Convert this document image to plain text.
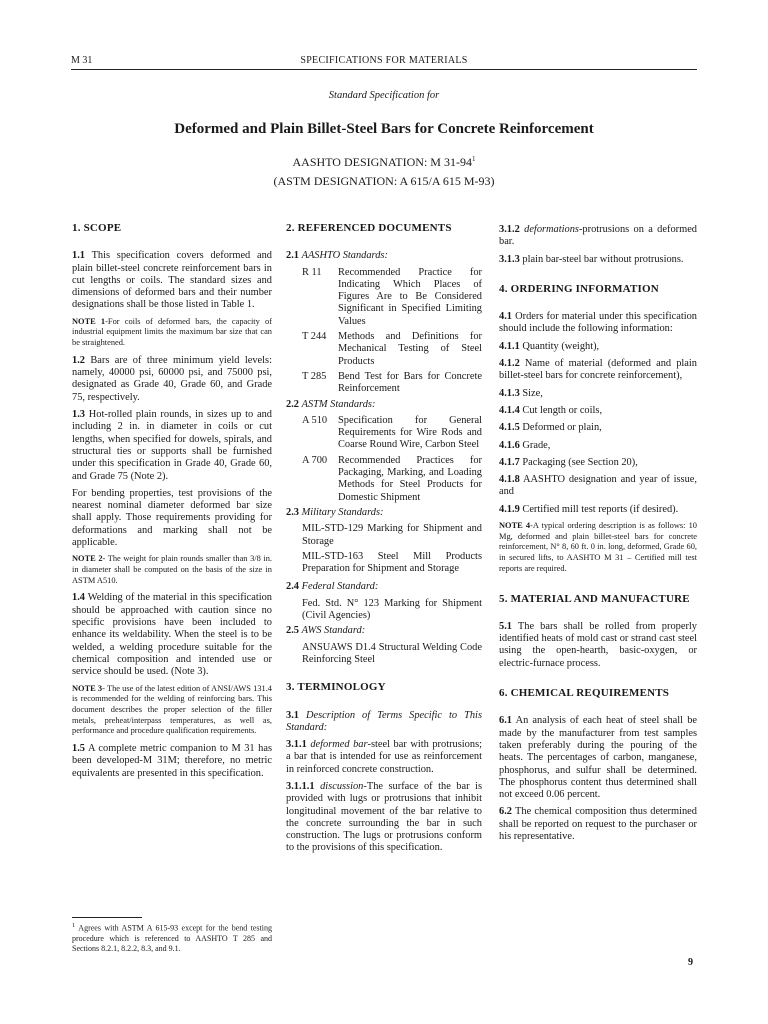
M 31	SPECIFICATIONS FOR MATERIALS
Standard Specification for
Deformed and Plain Billet-Steel Bars for Concrete Reinforcement
AASHTO DESIGNATION: M $31-94^1$
(ASTM DESIGNATION: A 615/A 615 M-93)
1. SCOPE

1.1 This specification covers deformed and plain billet-steel concrete reinforcement bars in cut lengths or coils. The standard sizes and dimensions of deformed bars and their number designations shall be those listed in Table 1.

NOTE 1-For coils of deformed bars, the capacity of industrial equipment limits the maximum bar size that can be straightened.

1.2 Bars are of three minimum yield levels: namely, 40000 psi, 60000 psi, and 75000 psi, designated as Grade 40, Grade 60, and Grade 75, respectively.

1.3 Hot-rolled plain rounds, in sizes up to and including 2 in. in diameter in coils or cut lengths, when specified for dowels, spirals, and structural ties or supports shall be furnished under this specification in Grade 40, Grade 60, and Grade 75 (Note 2).

For bending properties, test provisions of the nearest nominal diameter deformed bar size shall apply. Those requirements providing for deformations and marking shall not be applicable.

NOTE 2- The weight for plain rounds smaller than 3/8 in. in diameter shall be computed on the basis of the size in ASTM A510.

1.4 Welding of the material in this specification should be approached with caution since no specific provisions have been included to enhance its weldability. When the steel is to be welded, a welding procedure suitable for the chemical composition and intended use or service should be used. (Note 3).

NOTE 3- The use of the latest edition of ANSI/AWS 131.4 is recommended for the welding of reinforcing bars. This document describes the proper selection of the filler metals, preheat/interpass temperatures, as well as, performance and procedure qualification requirements.

1.5 A complete metric companion to M 31 has been developed-M 31M; therefore, no metric equivalents are presented in this specification.

$^1$ Agrees with ASTM A 615-93 except for the bend testing procedure which is referenced to AASHTO T 285 and Sections 8.2.1, 8.2.2, 8.3, and 9.1.
2. REFERENCED DOCUMENTS

2.1 AASHTO Standards:

R 11	Recommended Practice for Indicating Which Places of Figures Are to Be Considered Significant in Specified Limiting Values
T 244	Methods and Definitions for Mechanical Testing of Steel Products
T 285	Bend Test for Bars for Concrete Reinforcement

2.2 ASTM Standards:

A 510	Specification for General Requirements for Wire Rods and Coarse Round Wire, Carbon Steel
A 700	Recommended Practices for Packaging, Marking, and Loading Methods for Steel Products for Domestic Shipment

2.3 Military Standards:

MIL-STD-129 Marking for Shipment and Storage
MIL-STD-163 Steel Mill Products Preparation for Shipment and Storage

2.4 Federal Standard:

Fed. Std. N° 123 Marking for Shipment (Civil Agencies)

2.5 AWS Standard:

ANSUAWS D1.4 Structural Welding Code Reinforcing Steel
3. TERMINOLOGY

3.1 Description of Terms Specific to This Standard:

3.1.1 deformed bar-steel bar with protrusions; a bar that is intended for use as reinforcement in reinforced concrete construction.

3.1.1.1 discussion-The surface of the bar is provided with lugs or protrusions that inhibit longitudinal movement of the bar relative to the concrete surrounding the bar in such construction. The lugs or protrusions conform to the provisions of this specification.

3.1.2 deformations-protrusions on a deformed bar.

3.1.3 plain bar-steel bar without protrusions.

4. ORDERING INFORMATION

4.1 Orders for material under this specification should include the following information:

4.1.1 Quantity (weight),

4.1.2 Name of material (deformed and plain billet-steel bars for concrete reinforcement),

4.1.3 Size,

4.1.4 Cut length or coils,

4.1.5 Deformed or plain,

4.1.6 Grade,

4.1.7 Packaging (see Section 20),

4.1.8 AASHTO designation and year of issue, and

4.1.9 Certified mill test reports (if desired).

NOTE 4-A typical ordering description is as follows: 10 Mg, deformed and plain billet-steel bars for concrete reinforcement, N° 8, 60 ft. 0 in. long, deformed, Grade 60, in secured lifts, to AASHTO M 31 – Certified mill test reports are required.

5. MATERIAL AND MANUFACTURE

5.1 The bars shall be rolled from properly identified heats of mold cast or strand cast steel using the open-hearth, basic-oxygen, or electric-furnace process.

6. CHEMICAL REQUIREMENTS

6.1 An analysis of each heat of steel shall be made by the manufacturer from test samples taken preferably during the pouring of the heats. The percentages of carbon, manganese, phosphorus, and sulfur shall be determined. The phosphorus content thus determined shall not exceed 0.06 percent.

6.2 The chemical composition thus determined shall be reported on request to the purchaser or his representative.

9
